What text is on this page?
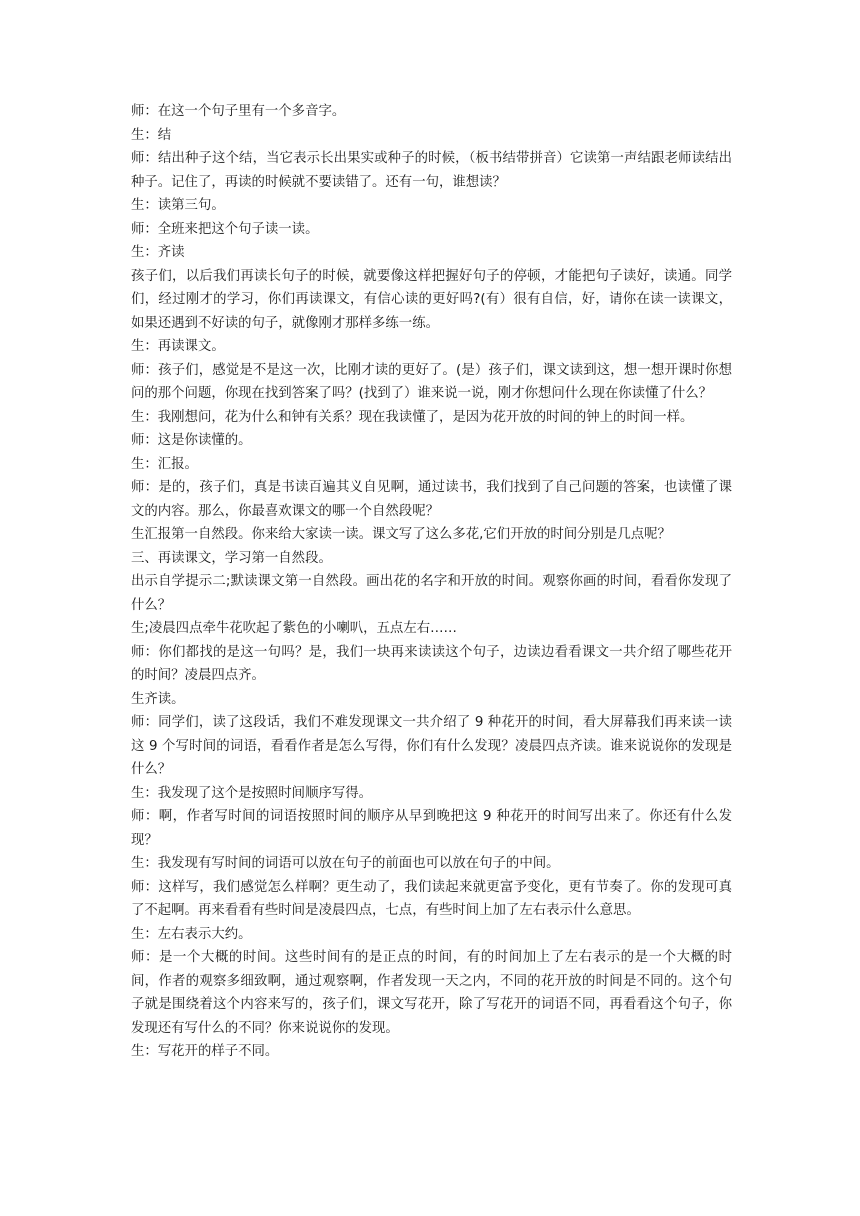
师：在这一个句子里有一个多音字。

生：结

师：结出种子这个结，当它表示长出果实或种子的时候，（板书结带拼音）它读第一声结跟老师读结出种子。记住了，再读的时候就不要读错了。还有一句，谁想读？

生：读第三句。

师：全班来把这个句子读一读。

生：齐读

孩子们，以后我们再读长句子的时候，就要像这样把握好句子的停顿，才能把句子读好，读通。同学们，经过刚才的学习，你们再读课文，有信心读的更好吗?(有）很有自信，好，请你在读一读课文，如果还遇到不好读的句子，就像刚才那样多练一练。

生：再读课文。

师：孩子们，感觉是不是这一次，比刚才读的更好了。(是）孩子们，课文读到这，想一想开课时你想问的那个问题，你现在找到答案了吗？(找到了）谁来说一说，刚才你想问什么现在你读懂了什么？

生：我刚想问，花为什么和钟有关系？现在我读懂了，是因为花开放的时间的钟上的时间一样。

师：这是你读懂的。

生：汇报。

师：是的，孩子们，真是书读百遍其义自见啊，通过读书，我们找到了自己问题的答案，也读懂了课文的内容。那么，你最喜欢课文的哪一个自然段呢？

生汇报第一自然段。你来给大家读一读。课文写了这么多花,它们开放的时间分别是几点呢？

三、再读课文，学习第一自然段。

出示自学提示二;默读课文第一自然段。画出花的名字和开放的时间。观察你画的时间，看看你发现了什么？

生;凌晨四点牵牛花吹起了紫色的小喇叭，五点左右……

师：你们都找的是这一句吗？是，我们一块再来读读这个句子，边读边看看课文一共介绍了哪些花开的时间？凌晨四点齐。

生齐读。

师：同学们，读了这段话，我们不难发现课文一共介绍了 9 种花开的时间，看大屏幕我们再来读一读这 9 个写时间的词语，看看作者是怎么写得，你们有什么发现？凌晨四点齐读。谁来说说你的发现是什么？

生：我发现了这个是按照时间顺序写得。

师：啊，作者写时间的词语按照时间的顺序从早到晚把这 9 种花开的时间写出来了。你还有什么发现？

生：我发现有写时间的词语可以放在句子的前面也可以放在句子的中间。

师：这样写，我们感觉怎么样啊？更生动了，我们读起来就更富予变化，更有节奏了。你的发现可真了不起啊。再来看看有些时间是凌晨四点，七点，有些时间上加了左右表示什么意思。

生：左右表示大约。

师：是一个大概的时间。这些时间有的是正点的时间，有的时间加上了左右表示的是一个大概的时间，作者的观察多细致啊，通过观察啊，作者发现一天之内，不同的花开放的时间是不同的。这个句子就是围绕着这个内容来写的，孩子们，课文写花开，除了写花开的词语不同，再看看这个句子，你发现还有写什么的不同？你来说说你的发现。

生：写花开的样子不同。
